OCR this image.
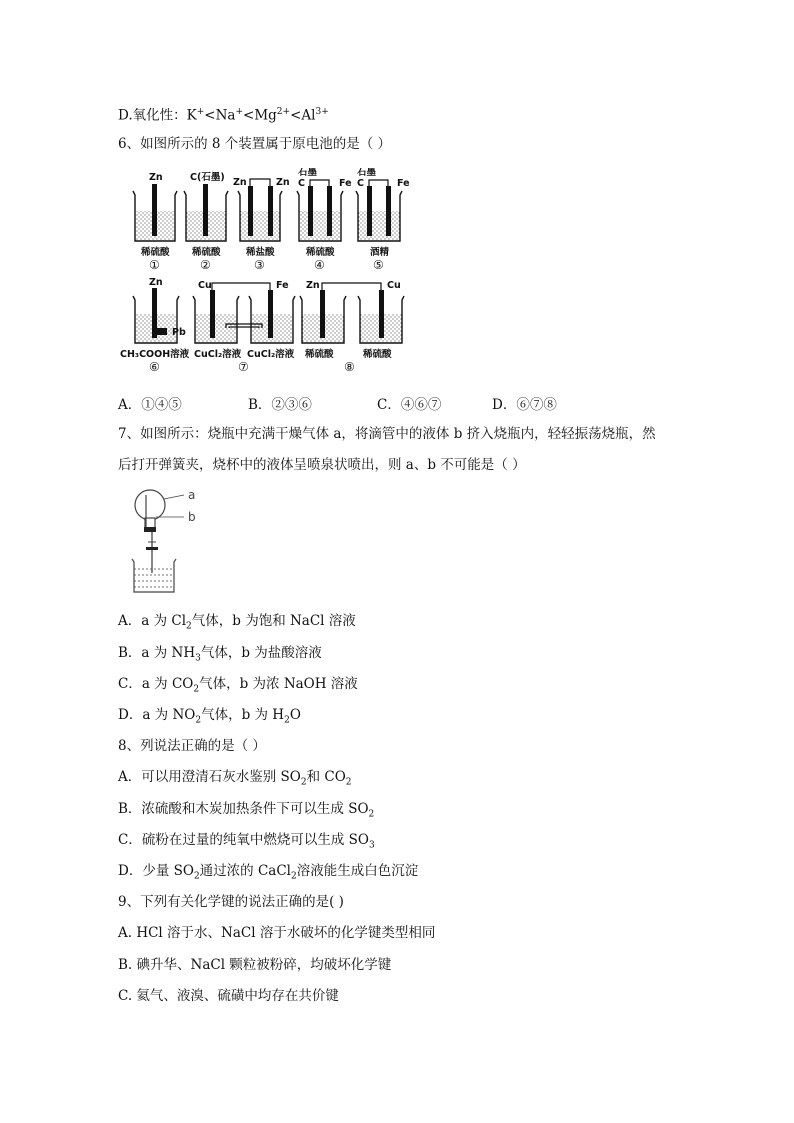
D.氧化性：$K^+<Na^+<Mg^{2+}<Al^{3+}$
6、如图所示的 8 个装置属于原电池的是（ ）
Zn
稀硫酸
①
C(石墨)
稀硫酸
②
Zn	Zn
稀盐酸
③
石墨
C	Fe
稀硫酸
④
石墨
C	Fe
酒精
⑤
Zn
Pb
CH₃COOH溶液
⑥
Cu	Fe
CuCl₂溶液 CuCl₂溶液
⑦
Zn	Cu
稀硫酸	稀硫酸
⑧
A．①④⑤	B．②③⑥	C．④⑥⑦	D．⑥⑦⑧
7、如图所示：烧瓶中充满干燥气体 a，将滴管中的液体 b 挤入烧瓶内，轻轻振荡烧瓶，然
后打开弹簧夹，烧杯中的液体呈喷泉状喷出，则 a、b 不可能是（ ）
a
b
A．a 为 $Cl_2$气体，b 为饱和 NaCl 溶液
B．a 为 $NH_3$气体，b 为盐酸溶液
C．a 为 $CO_2$气体，b 为浓 NaOH 溶液
D．a 为 $NO_2$气体，b 为 $H_2O$
8、列说法正确的是（ ）
A．可以用澄清石灰水鉴别 $SO_2$和 $CO_2$
B．浓硫酸和木炭加热条件下可以生成 $SO_2$
C．硫粉在过量的纯氧中燃烧可以生成 $SO_3$
D．少量 $SO_2$通过浓的 CaCl$_2$溶液能生成白色沉淀
9、下列有关化学键的说法正确的是( )
A. HCl 溶于水、NaCl 溶于水破坏的化学键类型相同
B. 碘升华、NaCl 颗粒被粉碎，均破坏化学键
C. 氦气、液溴、硫磺中均存在共价键
